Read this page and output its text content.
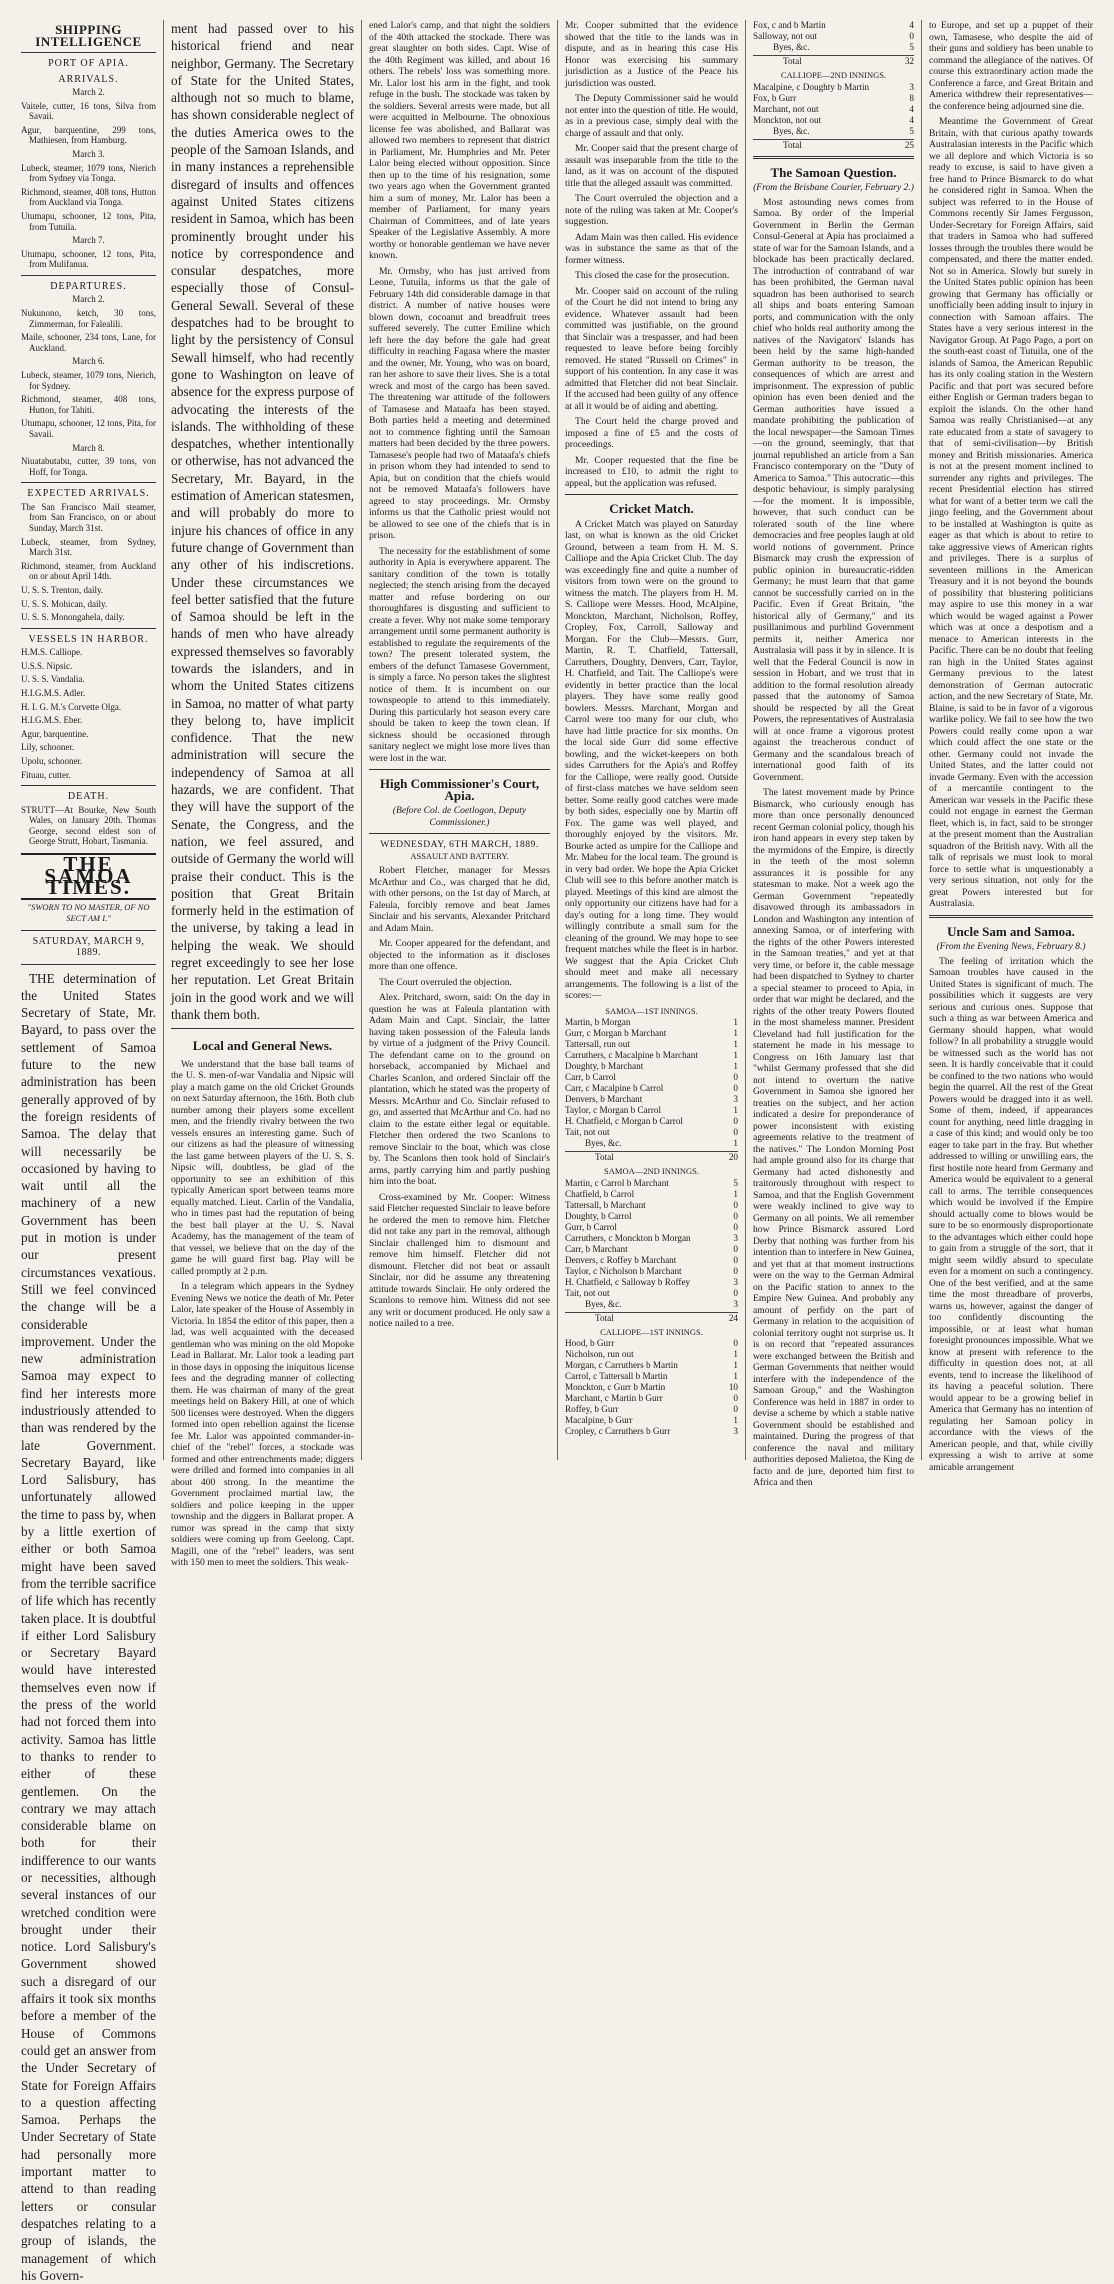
SHIPPING INTELLIGENCE
PORT OF APIA.
ARRIVALS.

March 2.

Vaitele, cutter, 16 tons, Silva from Savaii.

Agur, barquentine, 299 tons, Mathiesen, from Hamburg.

March 3.

Lubeck, steamer, 1079 tons, Nierich from Sydney via Tonga.

Richmond, steamer, 408 tons, Hutton from Auckland via Tonga.

Utumapu, schooner, 12 tons, Pita, from Tutuila.

March 7.

Utumapu, schooner, 12 tons, Pita, from Mulifanua.

DEPARTURES.

March 2.

Nukunono, ketch, 30 tons, Zimmerman, for Falealili.

Maile, schooner, 234 tons, Lane, for Auckland.

March 6.

Lubeck, steamer, 1079 tons, Nierich, for Sydney.

Richmond, steamer, 408 tons, Hutton, for Tahiti.

Utumapu, schooner, 12 tons, Pita, for Savaii.

March 8.

Niuatabutabu, cutter, 39 tons, von Hoff, for Tonga.

EXPECTED ARRIVALS.

The San Francisco Mail steamer, from San Francisco, on or about Sunday, March 31st.

Lubeck, steamer, from Sydney, March 31st.

Richmond, steamer, from Auckland on or about April 14th.

U. S. S. Trenton, daily.

U. S. S. Mohican, daily.

U. S. S. Monongahela, daily.

VESSELS IN HARBOR.

H.M.S. Calliope.

U.S.S. Nipsic.

U. S. S. Vandalia.

H.I.G.M.S. Adler.

H. I. G. M.'s Corvette Olga.

H.I.G.M.S. Eber.

Agur, barquentine.

Lily, schooner.

Upolu, schooner.

Fituau, cutter.

DEATH.

STRUTT—At Bourke, New South Wales, on January 20th. Thomas George, second eldest son of George Strutt, Hobart, Tasmania.

THE SAMOA TIMES.
"SWORN TO NO MASTER, OF NO SECT AM I."
SATURDAY, MARCH 9, 1889.
THE determination of the United States Secretary of State, Mr. Bayard, to pass over the settlement of Samoa future to the new administration has been generally approved of by the foreign residents of Samoa. The delay that will necessarily be occasioned by having to wait until all the machinery of a new Government has been put in motion is under our present circumstances vexatious. Still we feel convinced the change will be a considerable improvement. Under the new administration Samoa may expect to find her interests more industriously attended to than was rendered by the late Government. Secretary Bayard, like Lord Salisbury, has unfortunately allowed the time to pass by, when by a little exertion of either or both Samoa might have been saved from the terrible sacrifice of life which has recently taken place. It is doubtful if either Lord Salisbury or Secretary Bayard would have interested themselves even now if the press of the world had not forced them into activity. Samoa has little to thanks to render to either of these gentlemen. On the contrary we may attach considerable blame on both for their indifference to our wants or necessities, although several instances of our wretched condition were brought under their notice. Lord Salisbury's Government showed such a disregard of our affairs it took six months before a member of the House of Commons could get an answer from the Under Secretary of State for Foreign Affairs to a question affecting Samoa. Perhaps the Under Secretary of State had personally more important matter to attend to than reading letters or consular despatches relating to a group of islands, the management of which his Govern-
ment had passed over to his historical friend and near neighbor, Germany. The Secretary of State for the United States, although not so much to blame, has shown considerable neglect of the duties America owes to the people of the Samoan Islands, and in many instances a reprehensible disregard of insults and offences against United States citizens resident in Samoa, which has been prominently brought under his notice by correspondence and consular despatches, more especially those of Consul-General Sewall. Several of these despatches had to be brought to light by the persistency of Consul Sewall himself, who had recently gone to Washington on leave of absence for the express purpose of advocating the interests of the islands. The withholding of these despatches, whether intentionally or otherwise, has not advanced the Secretary, Mr. Bayard, in the estimation of American statesmen, and will probably do more to injure his chances of office in any future change of Government than any other of his indiscretions. Under these circumstances we feel better satisfied that the future of Samoa should be left in the hands of men who have already expressed themselves so favorably towards the islanders, and in whom the United States citizens in Samoa, no matter of what party they belong to, have implicit confidence. That the new administration will secure the independency of Samoa at all hazards, we are confident. That they will have the support of the Senate, the Congress, and the nation, we feel assured, and outside of Germany the world will praise their conduct. This is the position that Great Britain formerly held in the estimation of the universe, by taking a lead in helping the weak. We should regret exceedingly to see her lose her reputation. Let Great Britain join in the good work and we will thank them both.
Local and General News.

We understand that the base ball teams of the U. S. men-of-war Vandalia and Nipsic will play a match game on the old Cricket Grounds on next Saturday afternoon, the 16th. Both club number among their players some excellent men, and the friendly rivalry between the two vessels ensures an interesting game. Such of our citizens as had the pleasure of witnessing the last game between players of the U. S. S. Nipsic will, doubtless, be glad of the opportunity to see an exhibition of this typically American sport between teams more equally matched. Lieut. Carlin of the Vandalia, who in times past had the reputation of being the best ball player at the U. S. Naval Academy, has the management of the team of that vessel, we believe that on the day of the game he will guard first bag. Play will be called promptly at 2 p.m.

In a telegram which appears in the Sydney Evening News we notice the death of Mr. Peter Lalor, late speaker of the House of Assembly in Victoria. In 1854 the editor of this paper, then a lad, was well acquainted with the deceased gentleman who was mining on the old Mopoke Lead in Ballarat. Mr. Lalor took a leading part in those days in opposing the iniquitous license fees and the degrading manner of collecting them. He was chairman of many of the great meetings held on Bakery Hill, at one of which 500 licenses were destroyed. When the diggers formed into open rebellion against the license fee Mr. Lalor was appointed commander-in-chief of the "rebel" forces, a stockade was formed and other entrenchments made; diggers were drilled and formed into companies in all about 400 strong. In the meantime the Government proclaimed martial law, the soldiers and police keeping in the upper township and the diggers in Ballarat proper. A rumor was spread in the camp that sixty soldiers were coming up from Geelong. Capt. Magill, one of the "rebel" leaders, was sent with 150 men to meet the soldiers. This weak-

ened Lalor's camp, and that night the soldiers of the 40th attacked the stockade. There was great slaughter on both sides. Capt. Wise of the 40th Regiment was killed, and about 16 others. The rebels' loss was something more. Mr. Lalor lost his arm in the fight, and took refuge in the bush. The stockade was taken by the soldiers. Several arrests were made, but all were acquitted in Melbourne. The obnoxious license fee was abolished, and Ballarat was allowed two members to represent that district in Parliament, Mr. Humphries and Mr. Peter Lalor being elected without opposition. Since then up to the time of his resignation, some two years ago when the Government granted him a sum of money, Mr. Lalor has been a member of Parliament, for many years Chairman of Committees, and of late years Speaker of the Legislative Assembly. A more worthy or honorable gentleman we have never known.

Mr. Ormsby, who has just arrived from Leone, Tutuila, informs us that the gale of February 14th did considerable damage in that district. A number of native houses were blown down, cocoanut and breadfruit trees suffered severely. The cutter Emiline which left here the day before the gale had great difficulty in reaching Fagasa where the master and the owner, Mr. Young, who was on board, ran her ashore to save their lives. She is a total wreck and most of the cargo has been saved. The threatening war attitude of the followers of Tamasese and Mataafa has been stayed. Both parties held a meeting and determined not to commence fighting until the Samoan matters had been decided by the three powers. Tamasese's people had two of Mataafa's chiefs in prison whom they had intended to send to Apia, but on condition that the chiefs would not be removed Mataafa's followers have agreed to stay proceedings. Mr. Ormsby informs us that the Catholic priest would not be allowed to see one of the chiefs that is in prison.

The necessity for the establishment of some authority in Apia is everywhere apparent. The sanitary condition of the town is totally neglected; the stench arising from the decayed matter and refuse bordering on our thoroughfares is disgusting and sufficient to create a fever. Why not make some temporary arrangement until some permanent authority is established to regulate the requirements of the town? The present tolerated system, the embers of the defunct Tamasese Government, is simply a farce. No person takes the slightest notice of them. It is incumbent on our townspeople to attend to this immediately. During this particularly hot season every care should be taken to keep the town clean. If sickness should be occasioned through sanitary neglect we might lose more lives than were lost in the war.

High Commissioner's Court, Apia.
(Before Col. de Coetlogon, Deputy Commissioner.)
WEDNESDAY, 6TH MARCH, 1889.
ASSAULT AND BATTERY.

Robert Fletcher, manager for Messrs McArthur and Co., was charged that he did, with other persons, on the 1st day of March, at Faleula, forcibly remove and beat James Sinclair and his servants, Alexander Pritchard and Adam Main.

Mr. Cooper appeared for the defendant, and objected to the information as it discloses more than one offence.

The Court overruled the objection.

Alex. Pritchard, sworn, said: On the day in question he was at Faleula plantation with Adam Main and Capt. Sinclair, the latter having taken possession of the Faleula lands by virtue of a judgment of the Privy Council. The defendant came on to the ground on horseback, accompanied by Michael and Charles Scanlon, and ordered Sinclair off the plantation, which he stated was the property of Messrs. McArthur and Co. Sinclair refused to go, and asserted that McArthur and Co. had no claim to the estate either legal or equitable. Fletcher then ordered the two Scanlons to remove Sinclair to the boat, which was close by. The Scanlons then took hold of Sinclair's arms, partly carrying him and partly pushing him into the boat.

Cross-examined by Mr. Cooper: Witness said Fletcher requested Sinclair to leave before he ordered the men to remove him. Fletcher did not take any part in the removal, although Sinclair challenged him to dismount and remove him himself. Fletcher did not dismount. Fletcher did not beat or assault Sinclair, nor did he assume any threatening attitude towards Sinclair. He only ordered the Scanlons to remove him. Witness did not see any writ or document produced. He only saw a notice nailed to a tree.

Mr. Cooper submitted that the evidence showed that the title to the lands was in dispute, and as in hearing this case His Honor was exercising his summary jurisdiction as a Justice of the Peace his jurisdiction was ousted.

The Deputy Commissioner said he would not enter into the question of title. He would, as in a previous case, simply deal with the charge of assault and that only.

Mr. Cooper said that the present charge of assault was inseparable from the title to the land, as it was on account of the disputed title that the alleged assault was committed.

The Court overruled the objection and a note of the ruling was taken at Mr. Cooper's suggestion.

Adam Main was then called. His evidence was in substance the same as that of the former witness.

This closed the case for the prosecution.

Mr. Cooper said on account of the ruling of the Court he did not intend to bring any evidence. Whatever assault had been committed was justifiable, on the ground that Sinclair was a trespasser, and had been requested to leave before being forcibly removed. He stated "Russell on Crimes" in support of his contention. In any case it was admitted that Fletcher did not beat Sinclair. If the accused had been guilty of any offence at all it would be of aiding and abetting.

The Court held the charge proved and imposed a fine of £5 and the costs of proceedings.

Mr. Cooper requested that the fine be increased to £10, to admit the right to appeal, but the application was refused.

Cricket Match.

A Cricket Match was played on Saturday last, on what is known as the old Cricket Ground, between a team from H. M. S. Calliope and the Apia Cricket Club. The day was exceedingly fine and quite a number of visitors from town were on the ground to witness the match. The players from H. M. S. Calliope were Messrs. Hood, McAlpine, Monckton, Marchant, Nicholson, Roffey, Cropley, Fox, Carroll, Salloway and Morgan. For the Club—Messrs. Gurr, Martin, R. T. Chatfield, Tattersall, Carruthers, Doughty, Denvers, Carr, Taylor, H. Chatfield, and Tait. The Calliope's were evidently in better practice than the local players. They have some really good bowlers. Messrs. Marchant, Morgan and Carrol were too many for our club, who have had little practice for six months. On the local side Gurr did some effective bowling, and the wicket-keepers on both sides Carruthers for the Apia's and Roffey for the Calliope, were really good. Outside of first-class matches we have seldom seen better. Some really good catches were made by both sides, especially one by Martin off Fox. The game was well played, and thoroughly enjoyed by the visitors. Mr. Bourke acted as umpire for the Calliope and Mr. Mabeu for the local team. The ground is in very bad order. We hope the Apia Cricket Club will see to this before another match is played. Meetings of this kind are almost the only opportunity our citizens have had for a day's outing for a long time. They would willingly contribute a small sum for the cleaning of the ground. We may hope to see frequent matches while the fleet is in harbor. We suggest that the Apia Cricket Club should meet and make all necessary arrangements. The following is a list of the scores:—

SAMOA—1ST INNINGS.
Martin, b Morgan	1
Gurr, c Morgan b Marchant	1
Tattersall, run out	1
Carruthers, c Macalpine b Marchant	1
Doughty, b Marchant	1
Carr, b Carrol	0
Carr, c Macalpine b Carrol	0
Denvers, b Marchant	3
Taylor, c Morgan b Carrol	1
H. Chatfield, c Morgan b Carrol	0
Tait, not out	0
Byes, &c.	1
Total	20
SAMOA—2ND INNINGS.
Martin, c Carrol b Marchant	5
Chatfield, b Carrol	1
Tattersall, b Marchant	0
Doughty, b Carrol	0
Gurr, b Carrol	0
Carruthers, c Monckton b Morgan	3
Carr, b Marchant	0
Denvers, c Roffey b Marchant	0
Taylor, c Nicholson b Marchant	0
H. Chatfield, c Salloway b Roffey	3
Tait, not out	0
Byes, &c.	3
Total	24
CALLIOPE—1ST INNINGS.
Hood, b Gurr	0
Nicholson, run out	1
Morgan, c Carruthers b Martin	1
Carrol, c Tattersall b Martin	1
Monckton, c Gurr b Martin	10
Marchant, c Martin b Gurr	0
Roffey, b Gurr	0
Macalpine, b Gurr	1
Cropley, c Carruthers b Gurr	3
Fox, c and b Martin	4
Salloway, not out	0
Byes, &c.	5
Total	32
CALLIOPE—2ND INNINGS.
Macalpine, c Doughty b Martin	3
Fox, b Gurr	8
Marchant, not out	4
Monckton, not out	4
Byes, &c.	5
Total	25
The Samoan Question.
(From the Brisbane Courier, February 2.)

Most astounding news comes from Samoa. By order of the Imperial Government in Berlin the German Consul-General at Apia has proclaimed a state of war for the Samoan Islands, and a blockade has been practically declared. The introduction of contraband of war has been prohibited, the German naval squadron has been authorised to search all ships and boats entering Samoan ports, and communication with the only chief who holds real authority among the natives of the Navigators' Islands has been held by the same high-handed German authority to be treason, the consequences of which are arrest and imprisonment. The expression of public opinion has even been denied and the German authorities have issued a mandate prohibiting the publication of the local newspaper—the Samoan Times—on the ground, seemingly, that that journal republished an article from a San Francisco contemporary on the "Duty of America to Samoa." This autocratic—this despotic behaviour, is simply paralysing—for the moment. It is impossible, however, that such conduct can be tolerated south of the line where democracies and free peoples laugh at old world notions of government. Prince Bismarck may crush the expression of public opinion in bureaucratic-ridden Germany; he must learn that that game cannot be successfully carried on in the Pacific. Even if Great Britain, "the historical ally of Germany," and its pusillanimous and purblind Government permits it, neither America nor Australasia will pass it by in silence. It is well that the Federal Council is now in session in Hobart, and we trust that in addition to the formal resolution already passed that the autonomy of Samoa should be respected by all the Great Powers, the representatives of Australasia will at once frame a vigorous protest against the treacherous conduct of Germany and the scandalous breach of international good faith of its Government.

The latest movement made by Prince Bismarck, who curiously enough has more than once personally denounced recent German colonial policy, though his iron hand appears in every step taken by the myrmidons of the Empire, is directly in the teeth of the most solemn assurances it is possible for any statesman to make. Not a week ago the German Government "repeatedly disavowed through its ambassadors in London and Washington any intention of annexing Samoa, or of interfering with the rights of the other Powers interested in the Samoan treaties," and yet at that very time, or before it, the cable message had been dispatched to Sydney to charter a special steamer to proceed to Apia, in order that war might be declared, and the rights of the other treaty Powers flouted in the most shameless manner. President Cleveland had full justification for the statement he made in his message to Congress on 16th January last that "whilst Germany professed that she did not intend to overturn the native Government in Samoa she ignored her treaties on the subject, and her action indicated a desire for preponderance of power inconsistent with existing agreements relative to the treatment of the natives." The London Morning Post had ample ground also for its charge that Germany had acted dishonestly and traitorously throughout with respect to Samoa, and that the English Government were weakly inclined to give way to Germany on all points. We all remember how Prince Bismarck assured Lord Derby that nothing was further from his intention than to interfere in New Guinea, and yet that at that moment instructions were on the way to the German Admiral on the Pacific station to annex to the Empire New Guinea. And probably any amount of perfidy on the part of Germany in relation to the acquisition of colonial territory ought not surprise us. It is on record that "repeated assurances were exchanged between the British and German Governments that neither would interfere with the independence of the Samoan Group," and the Washington Conference was held in 1887 in order to devise a scheme by which a stable native Government should be established and maintained. During the progress of that conference the naval and military authorities deposed Malietoa, the King de facto and de jure, deported him first to Africa and then

to Europe, and set up a puppet of their own, Tamasese, who despite the aid of their guns and soldiery has been unable to command the allegiance of the natives. Of course this extraordinary action made the Conference a farce, and Great Britain and America withdrew their representatives—the conference being adjourned sine die.

Meantime the Government of Great Britain, with that curious apathy towards Australasian interests in the Pacific which we all deplore and which Victoria is so ready to excuse, is said to have given a free hand to Prince Bismarck to do what he considered right in Samoa. When the subject was referred to in the House of Commons recently Sir James Fergusson, Under-Secretary for Foreign Affairs, said that traders in Samoa who had suffered losses through the troubles there would be compensated, and there the matter ended. Not so in America. Slowly but surely in the United States public opinion has been growing that Germany has officially or unofficially been adding insult to injury in connection with Samoan affairs. The States have a very serious interest in the Navigator Group. At Pago Pago, a port on the south-east coast of Tutuila, one of the islands of Samoa, the American Republic has its only coaling station in the Western Pacific and that port was secured before either English or German traders began to exploit the islands. On the other hand Samoa was really Christianised—at any rate educated from a state of savagery to that of semi-civilisation—by British money and British missionaries. America is not at the present moment inclined to surrender any rights and privileges. The recent Presidential election has stirred what for want of a better term we call the jingo feeling, and the Government about to be installed at Washington is quite as eager as that which is about to retire to take aggressive views of American rights and privileges. There is a surplus of seventeen millions in the American Treasury and it is not beyond the bounds of possibility that blustering politicians may aspire to use this money in a war which would be waged against a Power which was at once a despotism and a menace to American interests in the Pacific. There can be no doubt that feeling ran high in the United States against Germany previous to the latest demonstration of German autocratic action, and the new Secretary of State, Mr. Blaine, is said to be in favor of a vigorous warlike policy. We fail to see how the two Powers could really come upon a war which could affect the one state or the other. Germany could not invade the United States, and the latter could not invade Germany. Even with the accession of a mercantile contingent to the American war vessels in the Pacific these could not engage in earnest the German fleet, which is, in fact, said to be stronger at the present moment than the Australian squadron of the British navy. With all the talk of reprisals we must look to moral force to settle what is unquestionably a very serious situation, not only for the great Powers interested but for Australasia.

Uncle Sam and Samoa.
(From the Evening News, February 8.)

The feeling of irritation which the Samoan troubles have caused in the United States is significant of much. The possibilities which it suggests are very serious and curious ones. Suppose that such a thing as war between America and Germany should happen, what would follow? In all probability a struggle would be witnessed such as the world has not seen. It is hardly conceivable that it could be confined to the two nations who would begin the quarrel. All the rest of the Great Powers would be dragged into it as well. Some of them, indeed, if appearances count for anything, need little dragging in a case of this kind; and would only be too eager to take part in the fray. But whether addressed to willing or unwilling ears, the first hostile note heard from Germany and America would be equivalent to a general call to arms. The terrible consequences which would be involved if the Empire should actually come to blows would be sure to be so enormously disproportionate to the advantages which either could hope to gain from a struggle of the sort, that it might seem wildly absurd to speculate even for a moment on such a contingency. One of the best verified, and at the same time the most threadbare of proverbs, warns us, however, against the danger of too confidently discounting the impossible, or at least what human foresight pronounces impossible. What we know at present with reference to the difficulty in question does not, at all events, tend to increase the likelihood of its having a peaceful solution. There would appear to be a growing belief in America that Germany has no intention of regulating her Samoan policy in accordance with the views of the American people, and that, while civilly expressing a wish to arrive at some amicable arrangement
